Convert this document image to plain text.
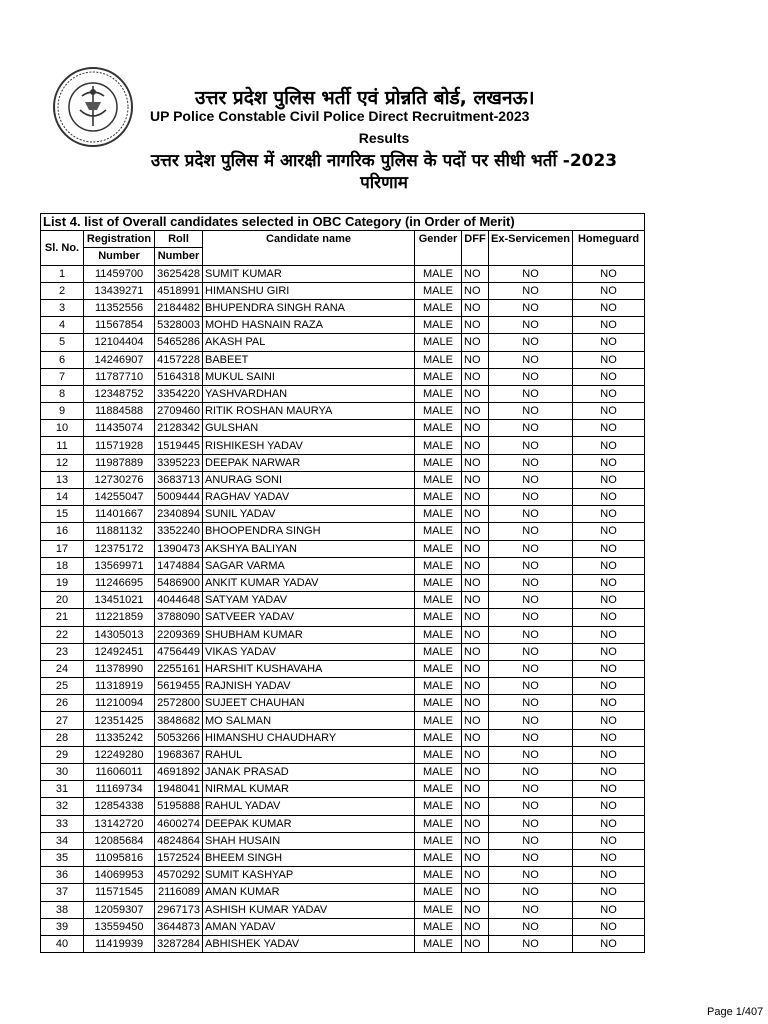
उत्तर प्रदेश पुलिस भर्ती एवं प्रोन्नति बोर्ड, लखनऊ।
UP Police Constable Civil Police Direct Recruitment-2023
Results
उत्तर प्रदेश पुलिस में आरक्षी नागरिक पुलिस के पदों पर सीधी भर्ती -2023
परिणाम
List 4. list of Overall candidates selected in OBC Category (in Order of Merit)							
Sl. No.	Registration	Roll	Candidate name	Gender	DFF	Ex-Servicemen	Homeguard
	Number	Number					
1	11459700	3625428	SUMIT KUMAR	MALE	NO	NO	NO
2	13439271	4518991	HIMANSHU GIRI	MALE	NO	NO	NO
3	11352556	2184482	BHUPENDRA SINGH RANA	MALE	NO	NO	NO
4	11567854	5328003	MOHD HASNAIN RAZA	MALE	NO	NO	NO
5	12104404	5465286	AKASH PAL	MALE	NO	NO	NO
6	14246907	4157228	BABEET	MALE	NO	NO	NO
7	11787710	5164318	MUKUL SAINI	MALE	NO	NO	NO
8	12348752	3354220	YASHVARDHAN	MALE	NO	NO	NO
9	11884588	2709460	RITIK ROSHAN MAURYA	MALE	NO	NO	NO
10	11435074	2128342	GULSHAN	MALE	NO	NO	NO
11	11571928	1519445	RISHIKESH YADAV	MALE	NO	NO	NO
12	11987889	3395223	DEEPAK NARWAR	MALE	NO	NO	NO
13	12730276	3683713	ANURAG SONI	MALE	NO	NO	NO
14	14255047	5009444	RAGHAV YADAV	MALE	NO	NO	NO
15	11401667	2340894	SUNIL YADAV	MALE	NO	NO	NO
16	11881132	3352240	BHOOPENDRA SINGH	MALE	NO	NO	NO
17	12375172	1390473	AKSHYA BALIYAN	MALE	NO	NO	NO
18	13569971	1474884	SAGAR VARMA	MALE	NO	NO	NO
19	11246695	5486900	ANKIT KUMAR YADAV	MALE	NO	NO	NO
20	13451021	4044648	SATYAM YADAV	MALE	NO	NO	NO
21	11221859	3788090	SATVEER YADAV	MALE	NO	NO	NO
22	14305013	2209369	SHUBHAM KUMAR	MALE	NO	NO	NO
23	12492451	4756449	VIKAS YADAV	MALE	NO	NO	NO
24	11378990	2255161	HARSHIT KUSHAVAHA	MALE	NO	NO	NO
25	11318919	5619455	RAJNISH YADAV	MALE	NO	NO	NO
26	11210094	2572800	SUJEET CHAUHAN	MALE	NO	NO	NO
27	12351425	3848682	MO SALMAN	MALE	NO	NO	NO
28	11335242	5053266	HIMANSHU CHAUDHARY	MALE	NO	NO	NO
29	12249280	1968367	RAHUL	MALE	NO	NO	NO
30	11606011	4691892	JANAK PRASAD	MALE	NO	NO	NO
31	11169734	1948041	NIRMAL KUMAR	MALE	NO	NO	NO
32	12854338	5195888	RAHUL YADAV	MALE	NO	NO	NO
33	13142720	4600274	DEEPAK KUMAR	MALE	NO	NO	NO
34	12085684	4824864	SHAH HUSAIN	MALE	NO	NO	NO
35	11095816	1572524	BHEEM SINGH	MALE	NO	NO	NO
36	14069953	4570292	SUMIT KASHYAP	MALE	NO	NO	NO
37	11571545	2116089	AMAN KUMAR	MALE	NO	NO	NO
38	12059307	2967173	ASHISH KUMAR YADAV	MALE	NO	NO	NO
39	13559450	3644873	AMAN YADAV	MALE	NO	NO	NO
40	11419939	3287284	ABHISHEK YADAV	MALE	NO	NO	NO
Page 1/407
